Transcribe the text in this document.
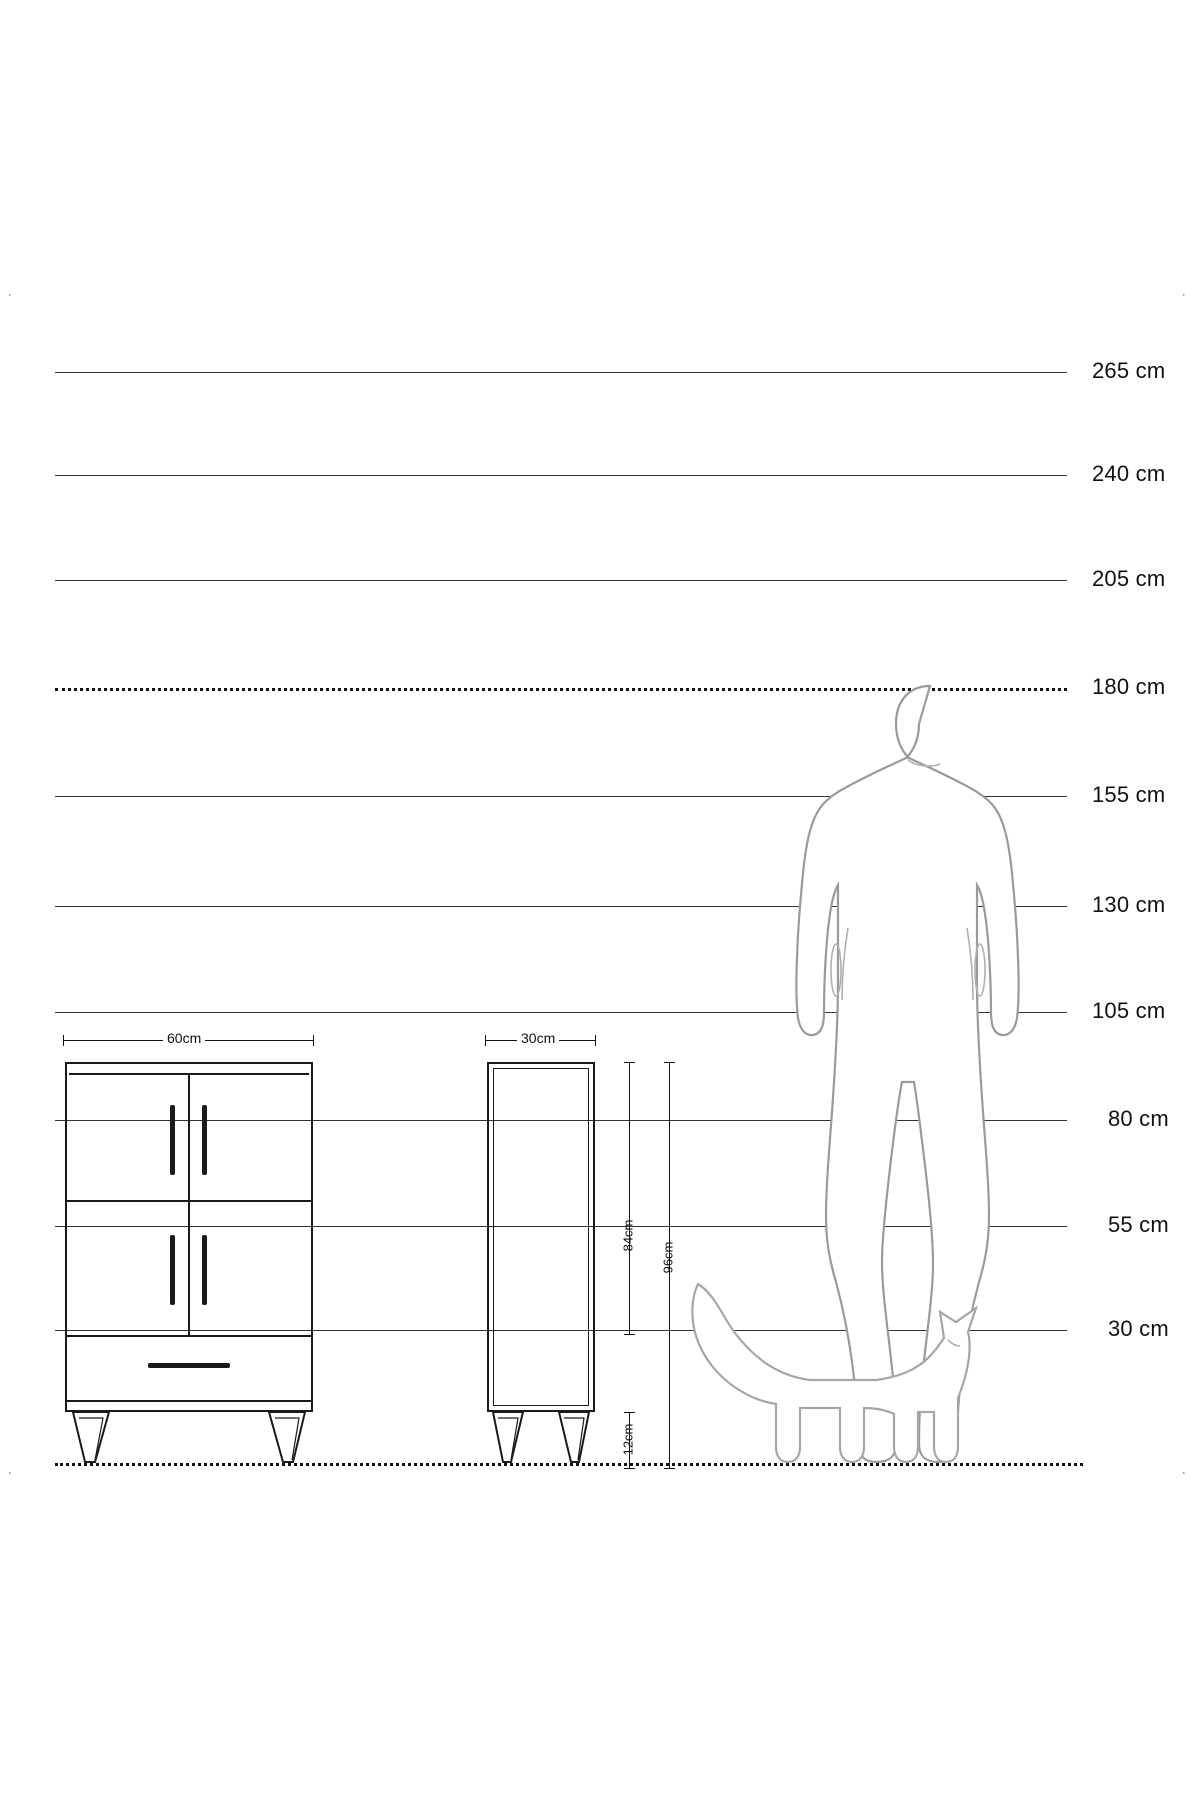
·	·
·	·
265 cm
240 cm
205 cm
180 cm
155 cm
130 cm
105 cm
80 cm
55 cm
30 cm
60cm	30cm
84cm
96cm
12cm
